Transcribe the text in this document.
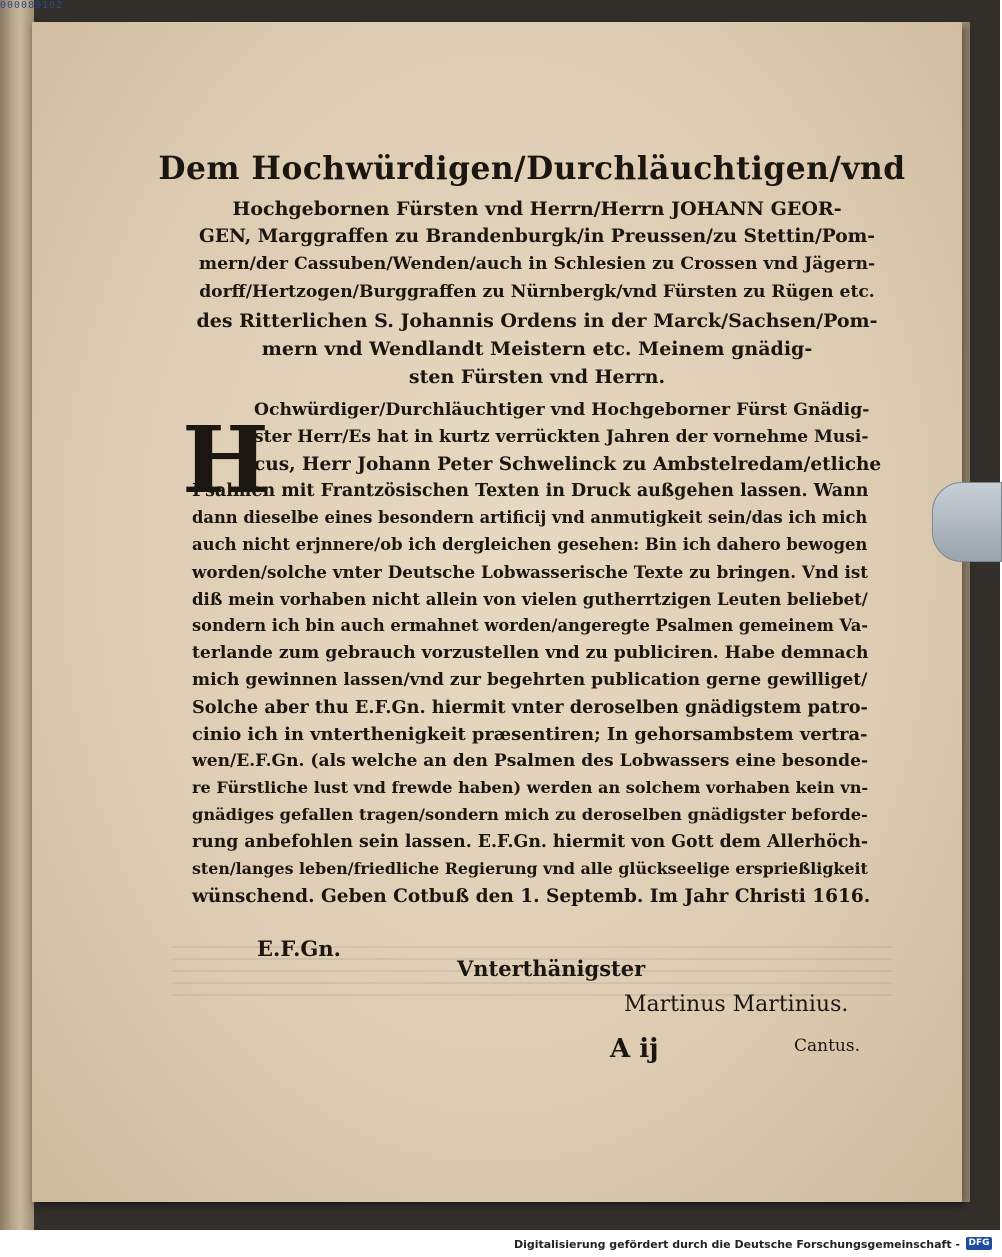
000080102
Dem Hochwürdigen/Durchläuchtigen/vnd
Hochgebornen Fürsten vnd Herrn/Herrn JOHANN GEOR-
GEN, Marggraffen zu Brandenburgk/in Preussen/zu Stettin/Pom-
mern/der Cassuben/Wenden/auch in Schlesien zu Crossen vnd Jägern-
dorff/Hertzogen/Burggraffen zu Nürnbergk/vnd Fürsten zu Rügen etc.
des Ritterlichen S. Johannis Ordens in der Marck/Sachsen/Pom-
mern vnd Wendlandt Meistern etc. Meinem gnädig-
sten Fürsten vnd Herrn.
H
Ochwürdiger/Durchläuchtiger vnd Hochgeborner Fürst Gnädig-
ster Herr/Es hat in kurtz verrückten Jahren der vornehme Musi-
cus, Herr Johann Peter Schwelinck zu Ambstelredam/etliche
Psalmen mit Frantzösischen Texten in Druck außgehen lassen. Wann
dann dieselbe eines besondern artificij vnd anmutigkeit sein/das ich mich
auch nicht erjnnere/ob ich dergleichen gesehen: Bin ich dahero bewogen
worden/solche vnter Deutsche Lobwasserische Texte zu bringen. Vnd ist
diß mein vorhaben nicht allein von vielen gutherrtzigen Leuten beliebet/
sondern ich bin auch ermahnet worden/angeregte Psalmen gemeinem Va-
terlande zum gebrauch vorzustellen vnd zu publiciren. Habe demnach
mich gewinnen lassen/vnd zur begehrten publication gerne gewilliget/
Solche aber thu E.F.Gn. hiermit vnter deroselben gnädigstem patro-
cinio ich in vnterthenigkeit præsentiren; In gehorsambstem vertra-
wen/E.F.Gn. (als welche an den Psalmen des Lobwassers eine besonde-
re Fürstliche lust vnd frewde haben) werden an solchem vorhaben kein vn-
gnädiges gefallen tragen/sondern mich zu deroselben gnädigster beforde-
rung anbefohlen sein lassen. E.F.Gn. hiermit von Gott dem Allerhöch-
sten/langes leben/friedliche Regierung vnd alle glückseelige ersprießligkeit
wünschend. Geben Cotbuß den 1. Septemb. Im Jahr Christi 1616.
E.F.Gn.
Vnterthänigster
Martinus Martinius.
A ij	Cantus.
Digitalisierung gefördert durch die Deutsche Forschungsgemeinschaft - DFG
